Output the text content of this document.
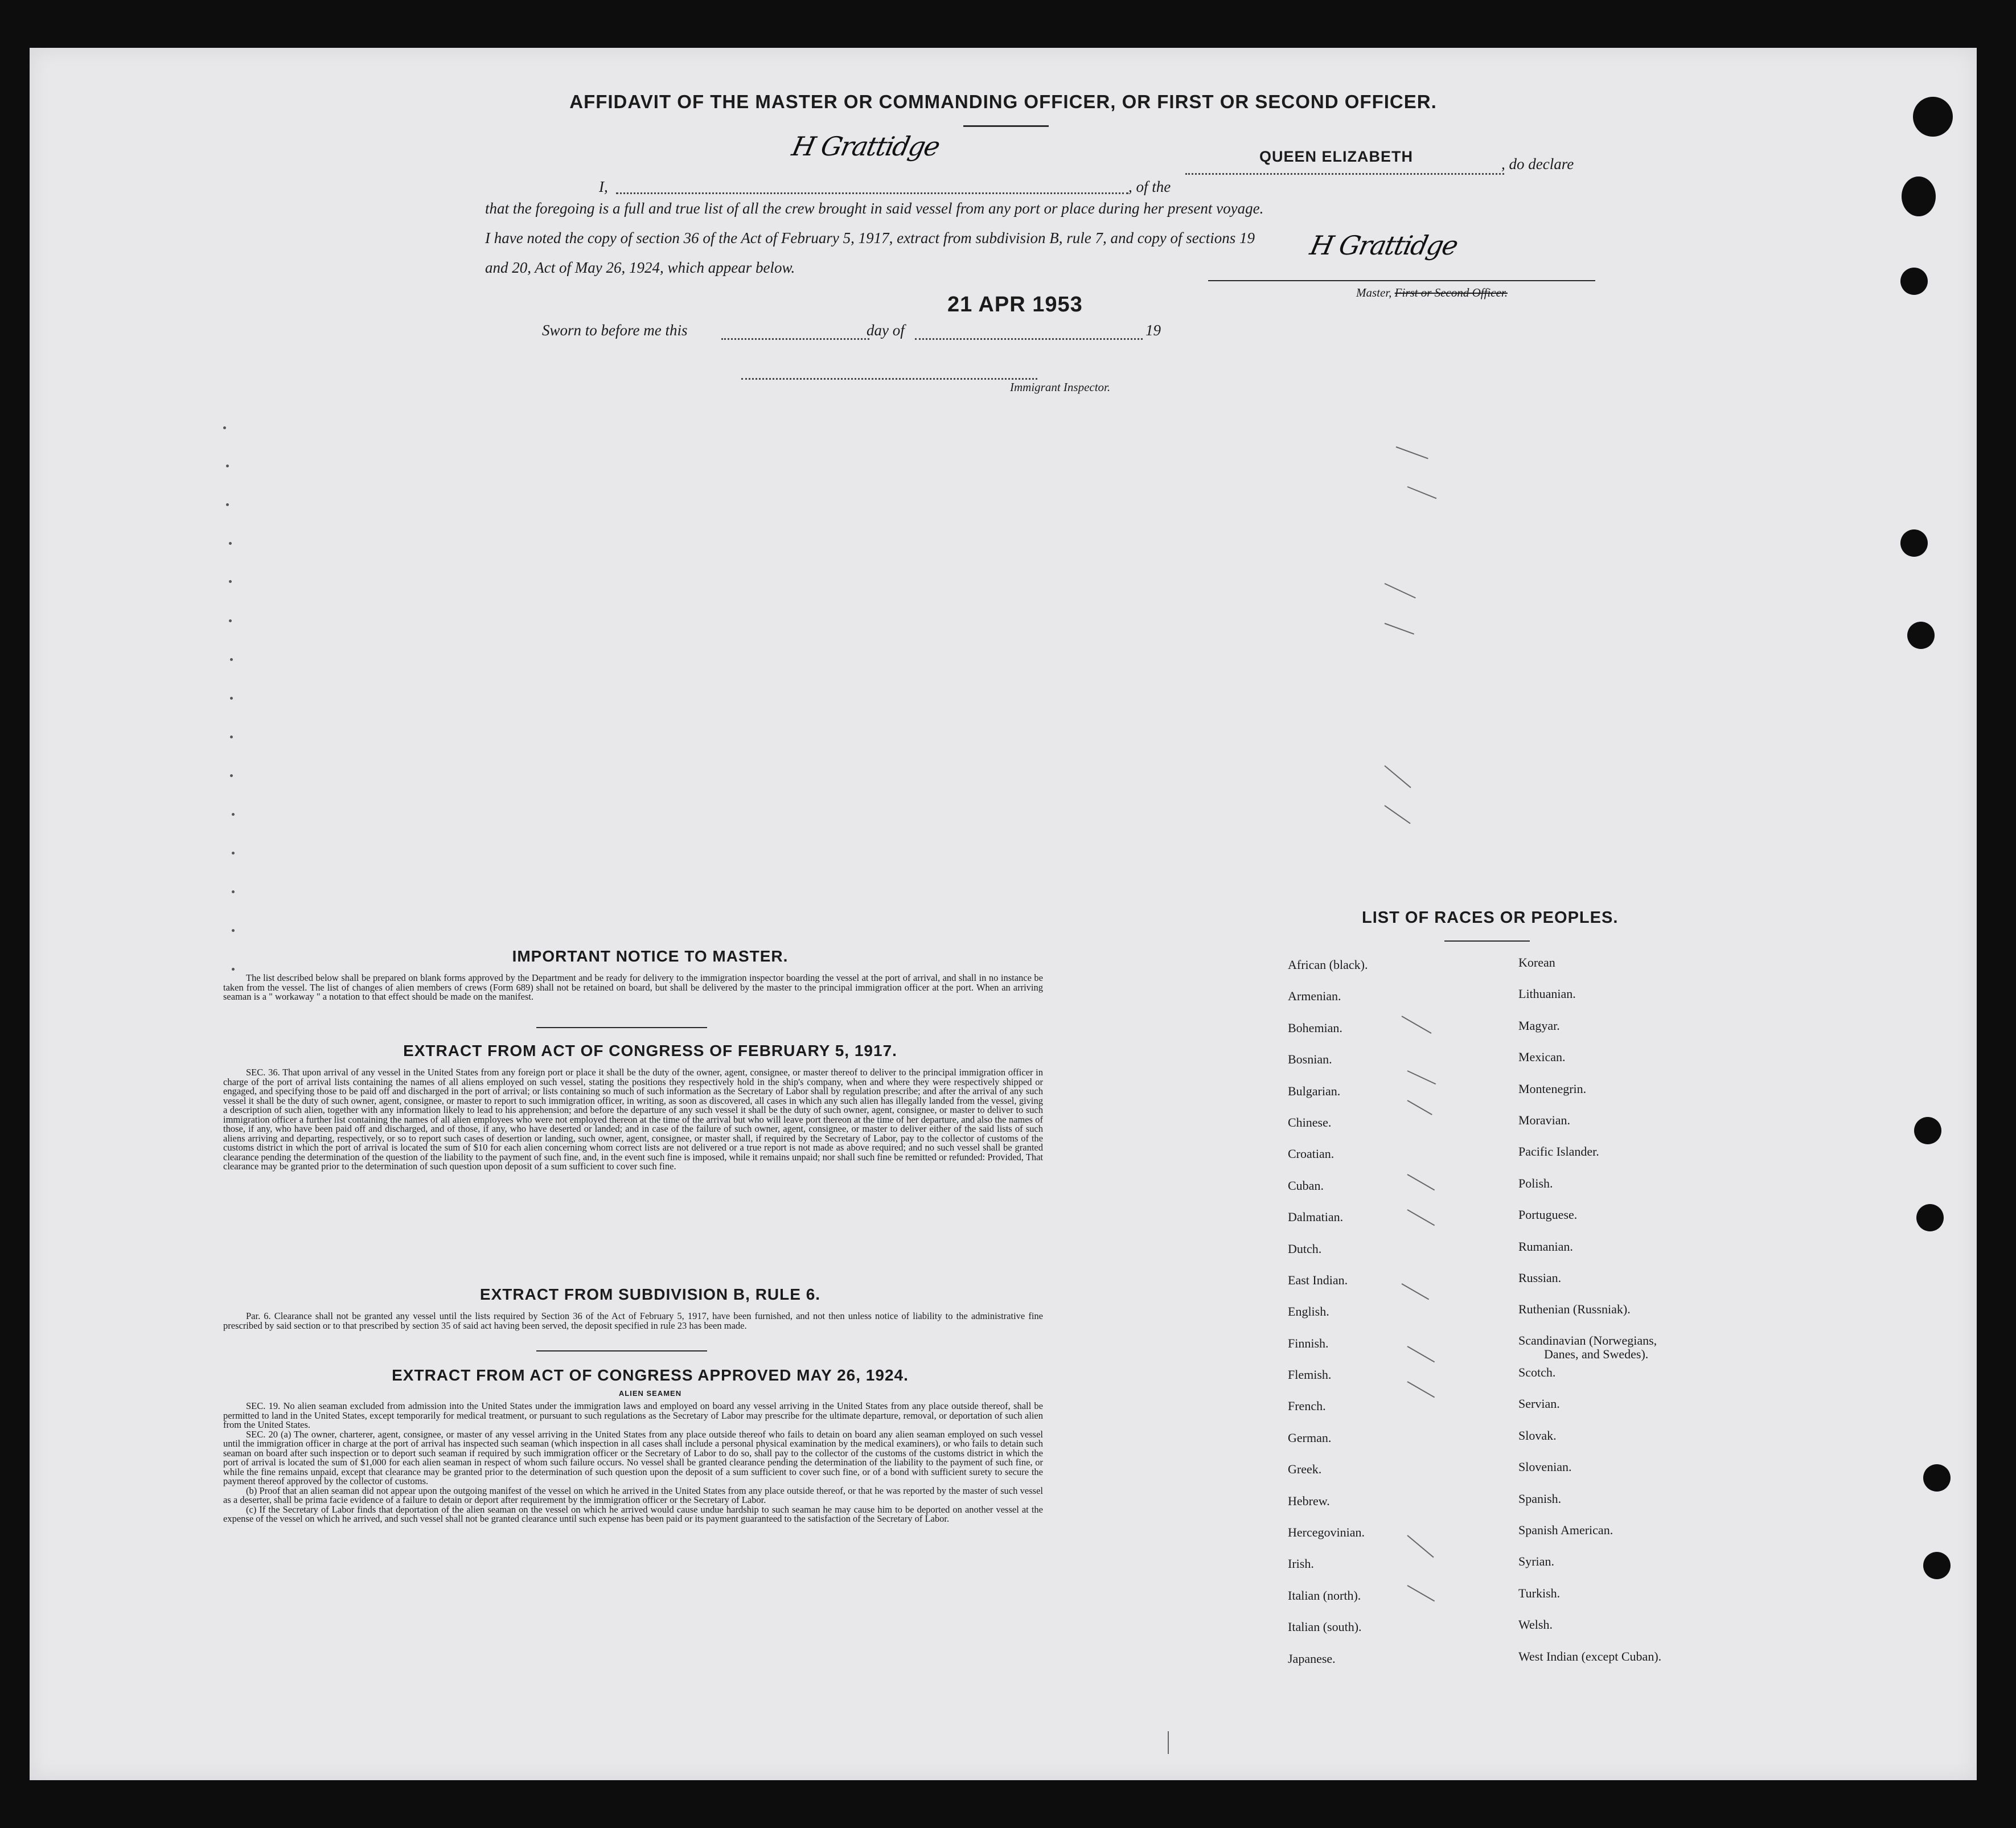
AFFIDAVIT OF THE MASTER OR COMMANDING OFFICER, OR FIRST OR SECOND OFFICER.
I,
H Grattidge
, of the
QUEEN ELIZABETH	, do declare
that the foregoing is a full and true list of all the crew brought in said vessel from any port or place during her present voyage.
I have noted the copy of section 36 of the Act of February 5, 1917, extract from subdivision B, rule 7, and copy of sections 19
and 20, Act of May 26, 1924, which appear below.
H Grattidge
Master, First or Second Officer.
21 APR 1953
Sworn to before me this	day of	19
Immigrant Inspector.
IMPORTANT NOTICE TO MASTER.
The list described below shall be prepared on blank forms approved by the Department and be ready for delivery to the immigration inspector boarding the vessel at the port of arrival, and shall in no instance be taken from the vessel. The list of changes of alien members of crews (Form 689) shall not be retained on board, but shall be delivered by the master to the principal immigration officer at the port. When an arriving seaman is a " workaway " a notation to that effect should be made on the manifest.
EXTRACT FROM ACT OF CONGRESS OF FEBRUARY 5, 1917.
SEC. 36. That upon arrival of any vessel in the United States from any foreign port or place it shall be the duty of the owner, agent, consignee, or master thereof to deliver to the principal immigration officer in charge of the port of arrival lists containing the names of all aliens employed on such vessel, stating the positions they respectively hold in the ship's company, when and where they were respectively shipped or engaged, and specifying those to be paid off and discharged in the port of arrival; or lists containing so much of such information as the Secretary of Labor shall by regulation prescribe; and after the arrival of any such vessel it shall be the duty of such owner, agent, consignee, or master to report to such immigration officer, in writing, as soon as discovered, all cases in which any such alien has illegally landed from the vessel, giving a description of such alien, together with any information likely to lead to his apprehension; and before the departure of any such vessel it shall be the duty of such owner, agent, consignee, or master to deliver to such immigration officer a further list containing the names of all alien employees who were not employed thereon at the time of the arrival but who will leave port thereon at the time of her departure, and also the names of those, if any, who have been paid off and discharged, and of those, if any, who have deserted or landed; and in case of the failure of such owner, agent, consignee, or master to deliver either of the said lists of such aliens arriving and departing, respectively, or so to report such cases of desertion or landing, such owner, agent, consignee, or master shall, if required by the Secretary of Labor, pay to the collector of customs of the customs district in which the port of arrival is located the sum of $10 for each alien concerning whom correct lists are not delivered or a true report is not made as above required; and no such vessel shall be granted clearance pending the determination of the question of the liability to the payment of such fine, and, in the event such fine is imposed, while it remains unpaid; nor shall such fine be remitted or refunded: Provided, That clearance may be granted prior to the determination of such question upon deposit of a sum sufficient to cover such fine.
EXTRACT FROM SUBDIVISION B, RULE 6.
Par. 6. Clearance shall not be granted any vessel until the lists required by Section 36 of the Act of February 5, 1917, have been furnished, and not then unless notice of liability to the administrative fine prescribed by said section or to that prescribed by section 35 of said act having been served, the deposit specified in rule 23 has been made.
EXTRACT FROM ACT OF CONGRESS APPROVED MAY 26, 1924.
ALIEN SEAMEN
SEC. 19. No alien seaman excluded from admission into the United States under the immigration laws and employed on board any vessel arriving in the United States from any place outside thereof, shall be permitted to land in the United States, except temporarily for medical treatment, or pursuant to such regulations as the Secretary of Labor may prescribe for the ultimate departure, removal, or deportation of such alien from the United States.
SEC. 20 (a) The owner, charterer, agent, consignee, or master of any vessel arriving in the United States from any place outside thereof who fails to detain on board any alien seaman employed on such vessel until the immigration officer in charge at the port of arrival has inspected such seaman (which inspection in all cases shall include a personal physical examination by the medical examiners), or who fails to detain such seaman on board after such inspection or to deport such seaman if required by such immigration officer or the Secretary of Labor to do so, shall pay to the collector of the customs of the customs district in which the port of arrival is located the sum of $1,000 for each alien seaman in respect of whom such failure occurs. No vessel shall be granted clearance pending the determination of the liability to the payment of such fine, or while the fine remains unpaid, except that clearance may be granted prior to the determination of such question upon the deposit of a sum sufficient to cover such fine, or of a bond with sufficient surety to secure the payment thereof approved by the collector of customs.
(b) Proof that an alien seaman did not appear upon the outgoing manifest of the vessel on which he arrived in the United States from any place outside thereof, or that he was reported by the master of such vessel as a deserter, shall be prima facie evidence of a failure to detain or deport after requirement by the immigration officer or the Secretary of Labor.
(c) If the Secretary of Labor finds that deportation of the alien seaman on the vessel on which he arrived would cause undue hardship to such seaman he may cause him to be deported on another vessel at the expense of the vessel on which he arrived, and such vessel shall not be granted clearance until such expense has been paid or its payment guaranteed to the satisfaction of the Secretary of Labor.
LIST OF RACES OR PEOPLES.
African (black).
Armenian.
Bohemian.
Bosnian.
Bulgarian.
Chinese.
Croatian.
Cuban.
Dalmatian.
Dutch.
East Indian.
English.
Finnish.
Flemish.
French.
German.
Greek.
Hebrew.
Hercegovinian.
Irish.
Italian (north).
Italian (south).
Japanese.
Korean
Lithuanian.
Magyar.
Mexican.
Montenegrin.
Moravian.
Pacific Islander.
Polish.
Portuguese.
Rumanian.
Russian.
Ruthenian (Russniak).
Scandinavian (Norwegians,
Danes, and Swedes).
Scotch.
Servian.
Slovak.
Slovenian.
Spanish.
Spanish American.
Syrian.
Turkish.
Welsh.
West Indian (except Cuban).
